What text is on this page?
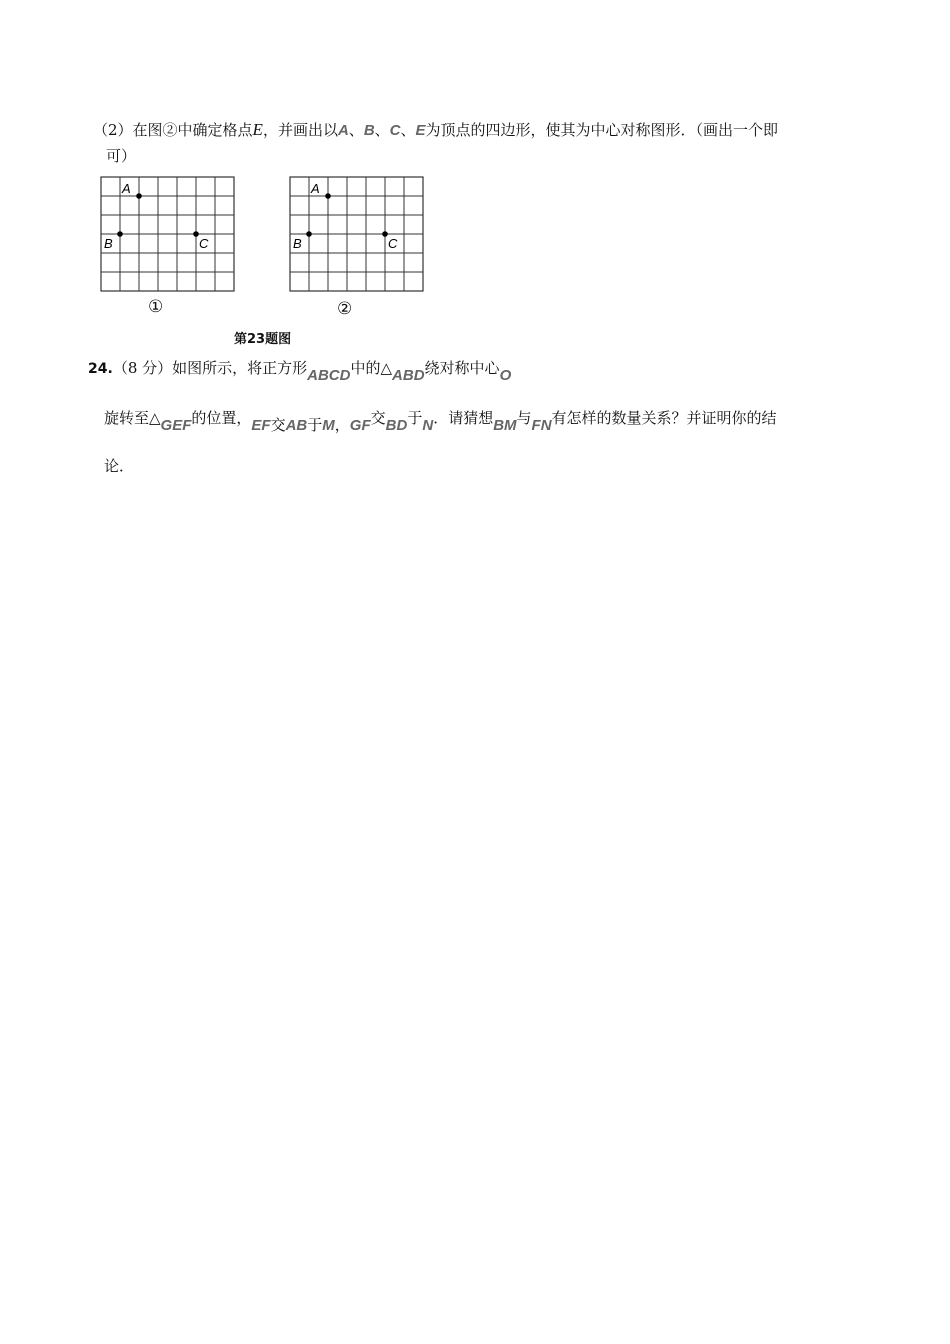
（2）在图②中确定格点E，并画出以A、B、C、E为顶点的四边形，使其为中心对称图形．（画出一个即
可）
A
B	C
①
A
B	C
②
第23题图
24.（8 分）如图所示，将正方形ABCD中的△ABD绕对称中心O
旋转至△GEF的位置，EF交AB于M，GF交BD于N．请猜想BM与FN有怎样的数量关系？并证明你的结
论．
